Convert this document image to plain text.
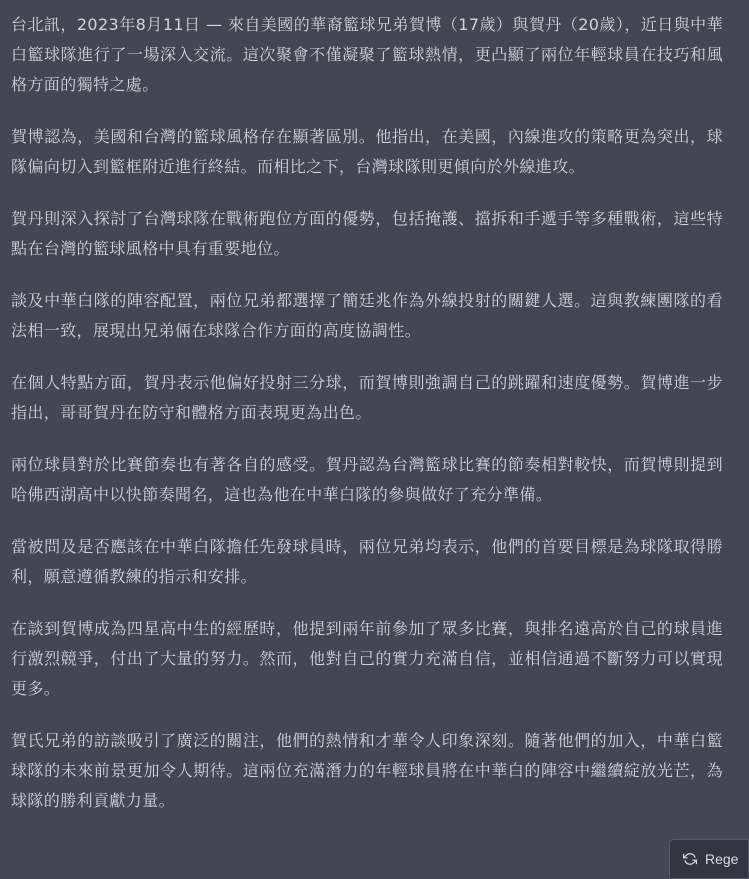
台北訊，2023年8月11日 — 來自美國的華裔籃球兄弟賀博（17歲）與賀丹（20歲），近日與中華白籃球隊進行了一場深入交流。這次聚會不僅凝聚了籃球熱情，更凸顯了兩位年輕球員在技巧和風格方面的獨特之處。

賀博認為，美國和台灣的籃球風格存在顯著區別。他指出，在美國，內線進攻的策略更為突出，球隊偏向切入到籃框附近進行終結。而相比之下，台灣球隊則更傾向於外線進攻。

賀丹則深入探討了台灣球隊在戰術跑位方面的優勢，包括掩護、擋拆和手遞手等多種戰術，這些特點在台灣的籃球風格中具有重要地位。

談及中華白隊的陣容配置，兩位兄弟都選擇了簡廷兆作為外線投射的關鍵人選。這與教練團隊的看法相一致，展現出兄弟倆在球隊合作方面的高度協調性。

在個人特點方面，賀丹表示他偏好投射三分球，而賀博則強調自己的跳躍和速度優勢。賀博進一步指出，哥哥賀丹在防守和體格方面表現更為出色。

兩位球員對於比賽節奏也有著各自的感受。賀丹認為台灣籃球比賽的節奏相對較快，而賀博則提到哈佛西湖高中以快節奏聞名，這也為他在中華白隊的參與做好了充分準備。

當被問及是否應該在中華白隊擔任先發球員時，兩位兄弟均表示，他們的首要目標是為球隊取得勝利，願意遵循教練的指示和安排。

在談到賀博成為四星高中生的經歷時，他提到兩年前參加了眾多比賽，與排名遠高於自己的球員進行激烈競爭，付出了大量的努力。然而，他對自己的實力充滿自信，並相信通過不斷努力可以實現更多。

賀氏兄弟的訪談吸引了廣泛的關注，他們的熱情和才華令人印象深刻。隨著他們的加入，中華白籃球隊的未來前景更加令人期待。這兩位充滿潛力的年輕球員將在中華白的陣容中繼續綻放光芒，為球隊的勝利貢獻力量。

Rege
